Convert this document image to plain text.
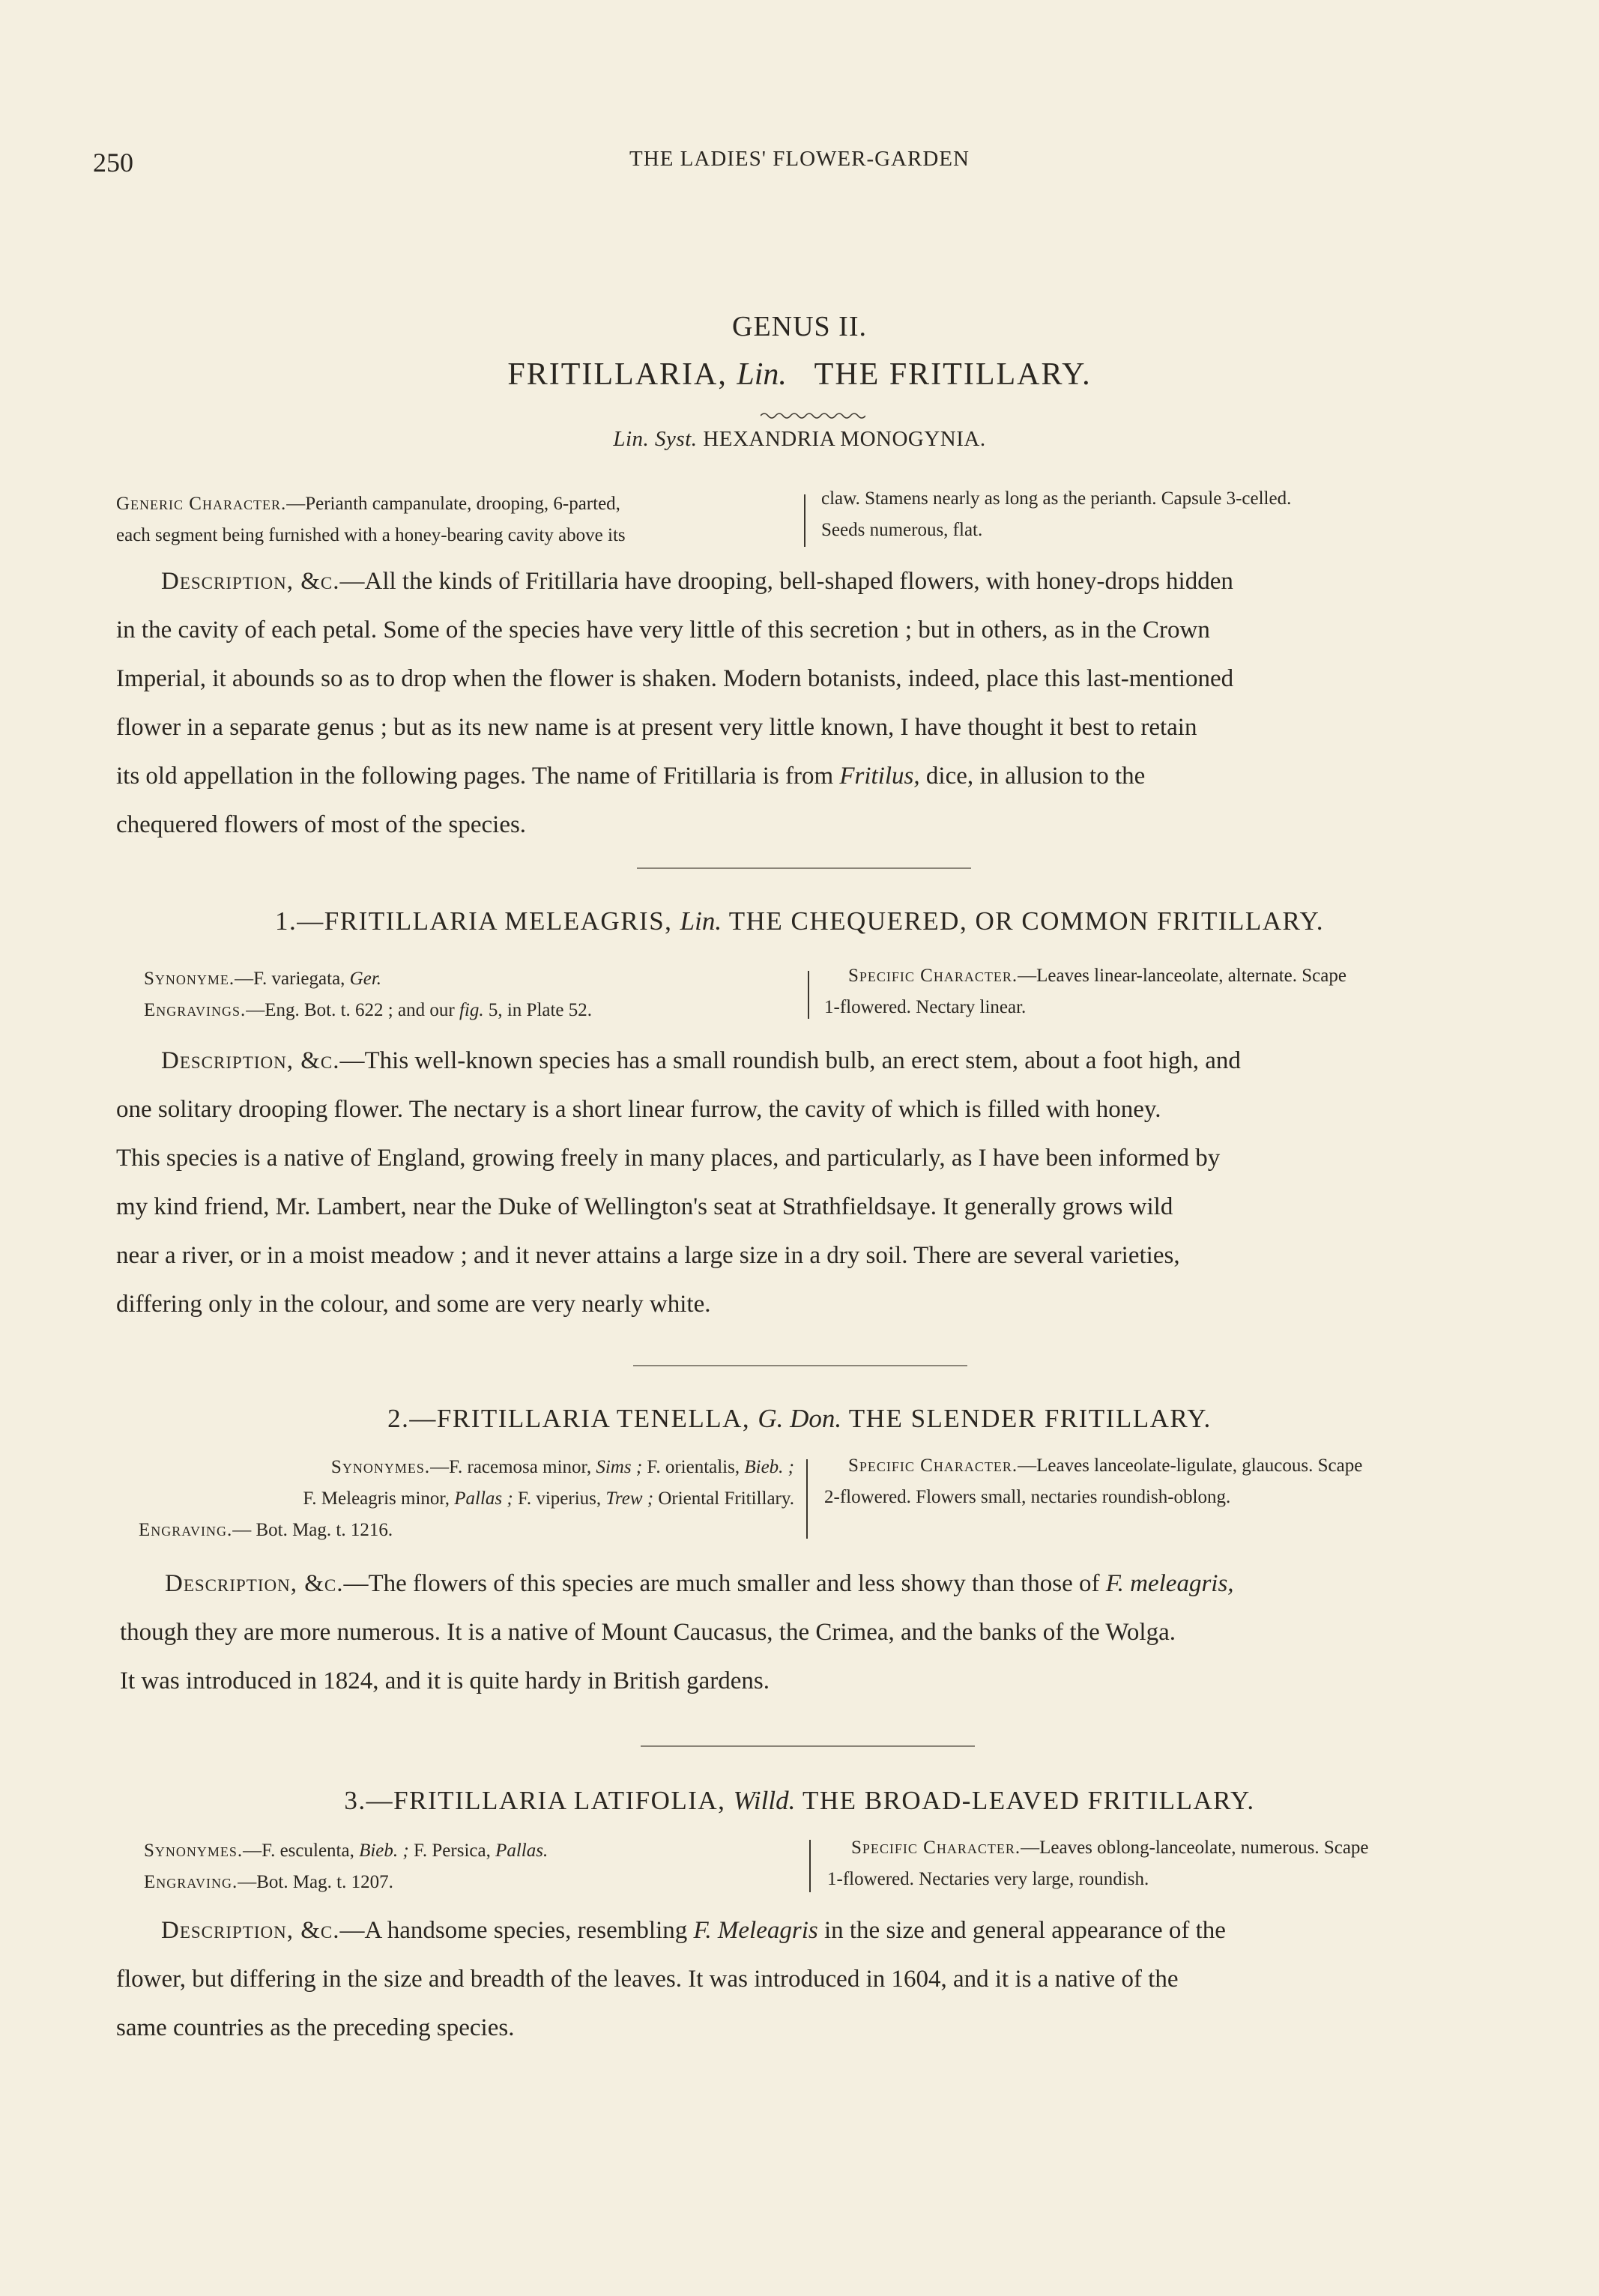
250	THE LADIES' FLOWER-GARDEN
GENUS II.
FRITILLARIA, Lin. THE FRITILLARY.
Lin. Syst. HEXANDRIA MONOGYNIA.
Generic Character.—Perianth campanulate, drooping, 6-parted,
each segment being furnished with a honey-bearing cavity above its
claw. Stamens nearly as long as the perianth. Capsule 3-celled.
Seeds numerous, flat.
Description, &c.—All the kinds of Fritillaria have drooping, bell-shaped flowers, with honey-drops hidden
in the cavity of each petal. Some of the species have very little of this secretion ; but in others, as in the Crown
Imperial, it abounds so as to drop when the flower is shaken. Modern botanists, indeed, place this last-mentioned
flower in a separate genus ; but as its new name is at present very little known, I have thought it best to retain
its old appellation in the following pages. The name of Fritillaria is from Fritilus, dice, in allusion to the
chequered flowers of most of the species.
1.—FRITILLARIA MELEAGRIS, Lin. THE CHEQUERED, OR COMMON FRITILLARY.
Synonyme.—F. variegata, Ger.
Engravings.—Eng. Bot. t. 622 ; and our fig. 5, in Plate 52.
Specific Character.—Leaves linear-lanceolate, alternate. Scape
1-flowered. Nectary linear.
Description, &c.—This well-known species has a small roundish bulb, an erect stem, about a foot high, and
one solitary drooping flower. The nectary is a short linear furrow, the cavity of which is filled with honey.
This species is a native of England, growing freely in many places, and particularly, as I have been informed by
my kind friend, Mr. Lambert, near the Duke of Wellington's seat at Strathfieldsaye. It generally grows wild
near a river, or in a moist meadow ; and it never attains a large size in a dry soil. There are several varieties,
differing only in the colour, and some are very nearly white.
2.—FRITILLARIA TENELLA, G. Don. THE SLENDER FRITILLARY.
Synonymes.—F. racemosa minor, Sims ; F. orientalis, Bieb. ;
F. Meleagris minor, Pallas ; F. viperius, Trew ; Oriental Fritillary.
Engraving.— Bot. Mag. t. 1216.
Specific Character.—Leaves lanceolate-ligulate, glaucous. Scape
2-flowered. Flowers small, nectaries roundish-oblong.
Description, &c.—The flowers of this species are much smaller and less showy than those of F. meleagris,
though they are more numerous. It is a native of Mount Caucasus, the Crimea, and the banks of the Wolga.
It was introduced in 1824, and it is quite hardy in British gardens.
3.—FRITILLARIA LATIFOLIA, Willd. THE BROAD-LEAVED FRITILLARY.
Synonymes.—F. esculenta, Bieb. ; F. Persica, Pallas.
Engraving.—Bot. Mag. t. 1207.
Specific Character.—Leaves oblong-lanceolate, numerous. Scape
1-flowered. Nectaries very large, roundish.
Description, &c.—A handsome species, resembling F. Meleagris in the size and general appearance of the
flower, but differing in the size and breadth of the leaves. It was introduced in 1604, and it is a native of the
same countries as the preceding species.
